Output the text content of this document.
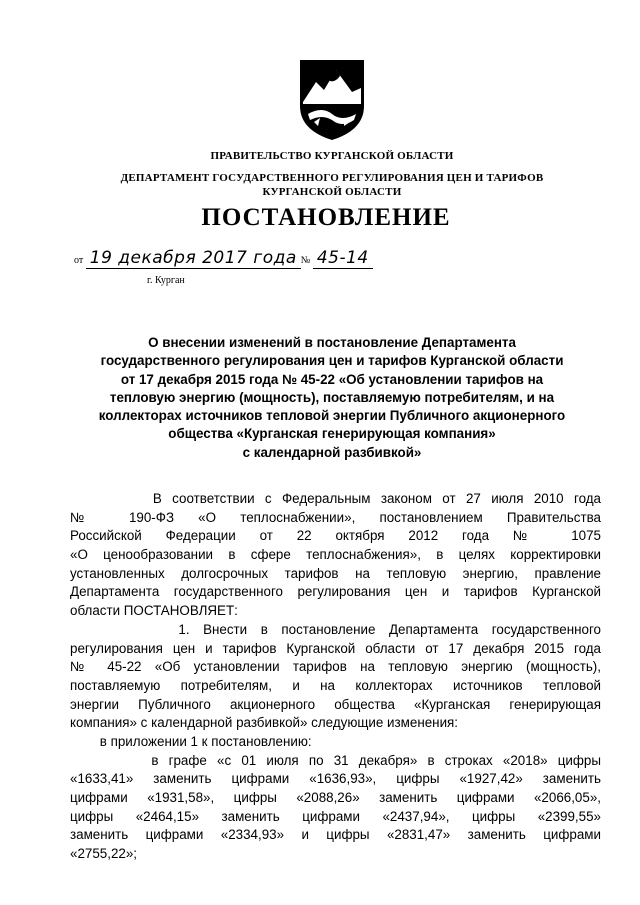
ПРАВИТЕЛЬСТВО КУРГАНСКОЙ ОБЛАСТИ
ДЕПАРТАМЕНТ ГОСУДАРСТВЕННОГО РЕГУЛИРОВАНИЯ ЦЕН И ТАРИФОВ
КУРГАНСКОЙ ОБЛАСТИ
ПОСТАНОВЛЕНИЕ
от 19 декабря 2017 года № 45-14
г. Курган
О внесении изменений в постановление Департамента
государственного регулирования цен и тарифов Курганской области
от 17 декабря 2015 года № 45-22 «Об установлении тарифов на
тепловую энергию (мощность), поставляемую потребителям, и на
коллекторах источников тепловой энергии Публичного акционерного
общества «Курганская генерирующая компания»
с календарной разбивкой»
В соответствии с Федеральным законом от 27 июля 2010 года
№ 190-ФЗ «О теплоснабжении», постановлением Правительства
Российской Федерации от 22 октября 2012 года № 1075
«О ценообразовании в сфере теплоснабжения», в целях корректировки
установленных долгосрочных тарифов на тепловую энергию, правление
Департамента государственного регулирования цен и тарифов Курганской
области ПОСТАНОВЛЯЕТ:
1. Внести в постановление Департамента государственного
регулирования цен и тарифов Курганской области от 17 декабря 2015 года
№ 45-22 «Об установлении тарифов на тепловую энергию (мощность),
поставляемую потребителям, и на коллекторах источников тепловой
энергии Публичного акционерного общества «Курганская генерирующая
компания» с календарной разбивкой» следующие изменения:
в приложении 1 к постановлению:
в графе «с 01 июля по 31 декабря» в строках «2018» цифры
«1633,41» заменить цифрами «1636,93», цифры «1927,42» заменить
цифрами «1931,58», цифры «2088,26» заменить цифрами «2066,05»,
цифры «2464,15» заменить цифрами «2437,94», цифры «2399,55»
заменить цифрами «2334,93» и цифры «2831,47» заменить цифрами
«2755,22»;
